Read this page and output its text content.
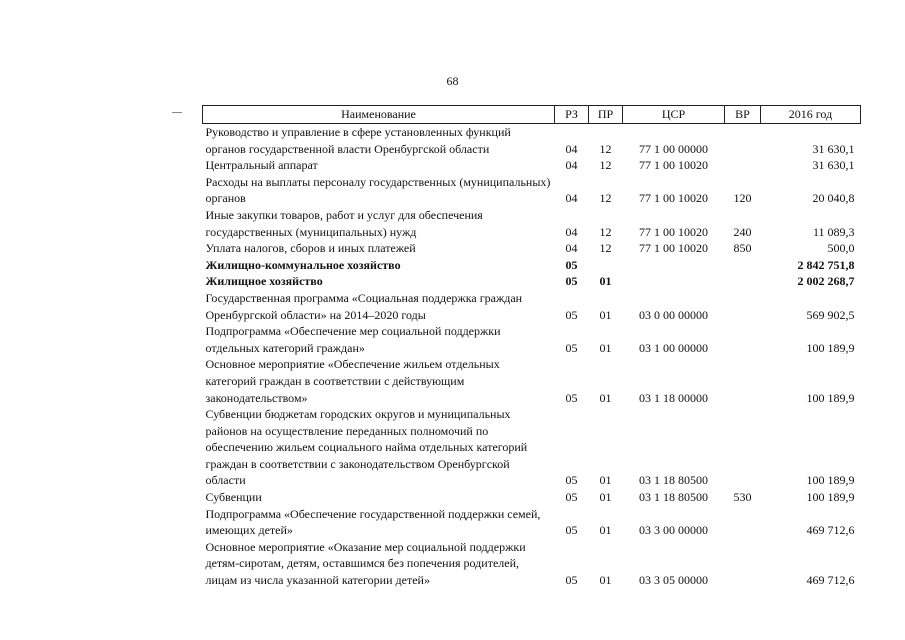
68
Наименование	РЗ	ПР	ЦСР	ВР	2016 год
Руководство и управление в сфере установленных функций органов государственной власти Оренбургской области	04	12	77 1 00 00000		31 630,1
Центральный аппарат	04	12	77 1 00 10020		31 630,1
Расходы на выплаты персоналу государственных (муниципальных) органов	04	12	77 1 00 10020	120	20 040,8
Иные закупки товаров, работ и услуг для обеспечения государственных (муниципальных) нужд	04	12	77 1 00 10020	240	11 089,3
Уплата налогов, сборов и иных платежей	04	12	77 1 00 10020	850	500,0
Жилищно-коммунальное хозяйство	05				2 842 751,8
Жилищное хозяйство	05	01			2 002 268,7
Государственная программа «Социальная поддержка граждан Оренбургской области» на 2014–2020 годы	05	01	03 0 00 00000		569 902,5
Подпрограмма «Обеспечение мер социальной поддержки отдельных категорий граждан»	05	01	03 1 00 00000		100 189,9
Основное мероприятие «Обеспечение жильем отдельных категорий граждан в соответствии с действующим законодательством»	05	01	03 1 18 00000		100 189,9
Субвенции бюджетам городских округов и муниципальных районов на осуществление переданных полномочий по обеспечению жильем социального найма отдельных категорий граждан в соответствии с законодательством Оренбургской области	05	01	03 1 18 80500		100 189,9
Субвенции	05	01	03 1 18 80500	530	100 189,9
Подпрограмма «Обеспечение государственной поддержки семей, имеющих детей»	05	01	03 3 00 00000		469 712,6
Основное мероприятие «Оказание мер социальной поддержки детям-сиротам, детям, оставшимся без попечения родителей, лицам из числа указанной категории детей»	05	01	03 3 05 00000		469 712,6
